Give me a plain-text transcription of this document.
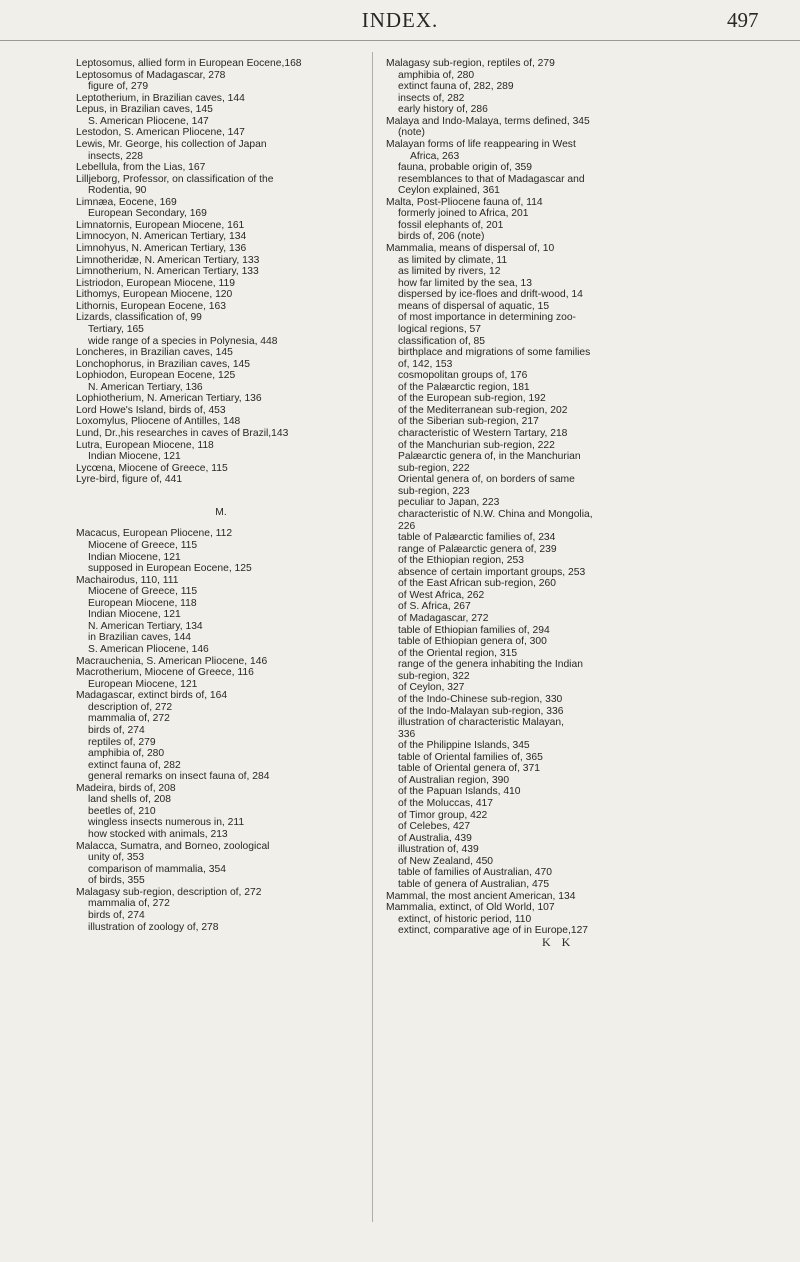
INDEX.	497
Leptosomus, allied form in European Eocene,168
Leptosomus of Madagascar, 278
figure of, 279
Leptotherium, in Brazilian caves, 144
Lepus, in Brazilian caves, 145
S. American Pliocene, 147
Lestodon, S. American Pliocene, 147
Lewis, Mr. George, his collection of Japan
insects, 228
Lebellula, from the Lias, 167
Lilljeborg, Professor, on classification of the
Rodentia, 90
Limnæa, Eocene, 169
European Secondary, 169
Limnatornis, European Miocene, 161
Limnocyon, N. American Tertiary, 134
Limnohyus, N. American Tertiary, 136
Limnotheridæ, N. American Tertiary, 133
Limnotherium, N. American Tertiary, 133
Listriodon, European Miocene, 119
Lithomys, European Miocene, 120
Lithornis, European Eocene, 163
Lizards, classification of, 99
Tertiary, 165
wide range of a species in Polynesia, 448
Loncheres, in Brazilian caves, 145
Lonchophorus, in Brazilian caves, 145
Lophiodon, European Eocene, 125
N. American Tertiary, 136
Lophiotherium, N. American Tertiary, 136
Lord Howe's Island, birds of, 453
Loxomylus, Pliocene of Antilles, 148
Lund, Dr.,his researches in caves of Brazil,143
Lutra, European Miocene, 118
Indian Miocene, 121
Lycœna, Miocene of Greece, 115
Lyre-bird, figure of, 441
M.
Macacus, European Pliocene, 112
Miocene of Greece, 115
Indian Miocene, 121
supposed in European Eocene, 125
Machairodus, 110, 111
Miocene of Greece, 115
European Miocene, 118
Indian Miocene, 121
N. American Tertiary, 134
in Brazilian caves, 144
S. American Pliocene, 146
Macrauchenia, S. American Pliocene, 146
Macrotherium, Miocene of Greece, 116
European Miocene, 121
Madagascar, extinct birds of, 164
description of, 272
mammalia of, 272
birds of, 274
reptiles of, 279
amphibia of, 280
extinct fauna of, 282
general remarks on insect fauna of, 284
Madeira, birds of, 208
land shells of, 208
beetles of, 210
wingless insects numerous in, 211
how stocked with animals, 213
Malacca, Sumatra, and Borneo, zoological
unity of, 353
comparison of mammalia, 354
of birds, 355
Malagasy sub-region, description of, 272
mammalia of, 272
birds of, 274
illustration of zoology of, 278
Malagasy sub-region, reptiles of, 279
amphibia of, 280
extinct fauna of, 282, 289
insects of, 282
early history of, 286
Malaya and Indo-Malaya, terms defined, 345
(note)
Malayan forms of life reappearing in West
Africa, 263
fauna, probable origin of, 359
resemblances to that of Madagascar and
Ceylon explained, 361
Malta, Post-Pliocene fauna of, 114
formerly joined to Africa, 201
fossil elephants of, 201
birds of, 206 (note)
Mammalia, means of dispersal of, 10
as limited by climate, 11
as limited by rivers, 12
how far limited by the sea, 13
dispersed by ice-floes and drift-wood, 14
means of dispersal of aquatic, 15
of most importance in determining zoo-
logical regions, 57
classification of, 85
birthplace and migrations of some families
of, 142, 153
cosmopolitan groups of, 176
of the Palæarctic region, 181
of the European sub-region, 192
of the Mediterranean sub-region, 202
of the Siberian sub-region, 217
characteristic of Western Tartary, 218
of the Manchurian sub-region, 222
Palæarctic genera of, in the Manchurian
sub-region, 222
Oriental genera of, on borders of same
sub-region, 223
peculiar to Japan, 223
characteristic of N.W. China and Mongolia,
226
table of Palæarctic families of, 234
range of Palæarctic genera of, 239
of the Ethiopian region, 253
absence of certain important groups, 253
of the East African sub-region, 260
of West Africa, 262
of S. Africa, 267
of Madagascar, 272
table of Ethiopian families of, 294
table of Ethiopian genera of, 300
of the Oriental region, 315
range of the genera inhabiting the Indian
sub-region, 322
of Ceylon, 327
of the Indo-Chinese sub-region, 330
of the Indo-Malayan sub-region, 336
illustration of characteristic Malayan,
336
of the Philippine Islands, 345
table of Oriental families of, 365
table of Oriental genera of, 371
of Australian region, 390
of the Papuan Islands, 410
of the Moluccas, 417
of Timor group, 422
of Celebes, 427
of Australia, 439
illustration of, 439
of New Zealand, 450
table of families of Australian, 470
table of genera of Australian, 475
Mammal, the most ancient American, 134
Mammalia, extinct, of Old World, 107
extinct, of historic period, 110
extinct, comparative age of in Europe,127
K K
